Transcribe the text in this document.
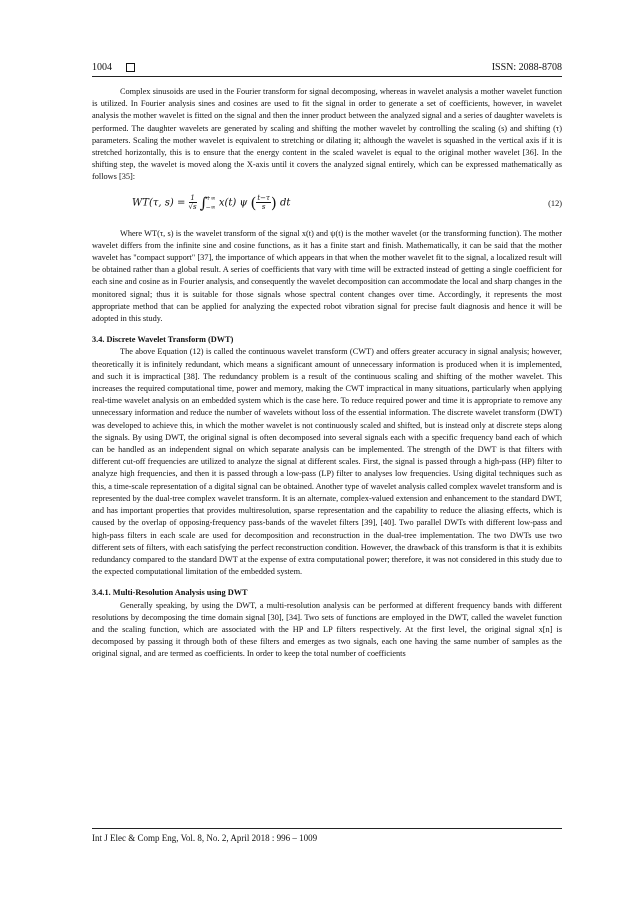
1004	ISSN: 2088-8708

Complex sinusoids are used in the Fourier transform for signal decomposing, whereas in wavelet analysis a mother wavelet function is utilized. In Fourier analysis sines and cosines are used to fit the signal in order to generate a set of coefficients, however, in wavelet analysis the mother wavelet is fitted on the signal and then the inner product between the analyzed signal and a series of daughter wavelets is performed. The daughter wavelets are generated by scaling and shifting the mother wavelet by controlling the scaling (s) and shifting (τ) parameters. Scaling the mother wavelet is equivalent to stretching or dilating it; although the wavelet is squashed in the vertical axis if it is stretched horizontally, this is to ensure that the energy content in the scaled wavelet is equal to the original mother wavelet [36]. In the shifting step, the wavelet is moved along the X-axis until it covers the analyzed signal entirely, which can be expressed mathematically as follows [35]:

WT(τ, $s) = \frac{1}{√s}$ ∫
+∞
−∞ x(t) ψ ( $\frac{t-\tau}{s}$ ) dt	(12)

Where WT(τ, s) is the wavelet transform of the signal x(t) and ψ(t) is the mother wavelet (or the transforming function). The mother wavelet differs from the infinite sine and cosine functions, as it has a finite start and finish. Mathematically, it can be said that the mother wavelet has "compact support" [37], the importance of which appears in that when the mother wavelet fit to the signal, a localized result will be obtained rather than a global result. A series of coefficients that vary with time will be extracted instead of getting a single coefficient for each sine and cosine as in Fourier analysis, and consequently the wavelet decomposition can accommodate the local and sharp changes in the monitored signal; thus it is suitable for those signals whose spectral content changes over time. Accordingly, it represents the most appropriate method that can be applied for analyzing the expected robot vibration signal for precise fault diagnosis and hence it will be adopted in this study.

3.4. Discrete Wavelet Transform (DWT)

The above Equation (12) is called the continuous wavelet transform (CWT) and offers greater accuracy in signal analysis; however, theoretically it is infinitely redundant, which means a significant amount of unnecessary information is produced when it is implemented, and such it is impractical [38]. The redundancy problem is a result of the continuous scaling and shifting of the mother wavelet. This increases the required computational time, power and memory, making the CWT impractical in many situations, particularly when applying real-time wavelet analysis on an embedded system which is the case here. To reduce required power and time it is appropriate to remove any unnecessary information and reduce the number of wavelets without loss of the essential information. The discrete wavelet transform (DWT) was developed to achieve this, in which the mother wavelet is not continuously scaled and shifted, but is instead only at discrete steps along the signals. By using DWT, the original signal is often decomposed into several signals each with a specific frequency band each of which can be handled as an independent signal on which separate analysis can be implemented. The strength of the DWT is that filters with different cut-off frequencies are utilized to analyze the signal at different scales. First, the signal is passed through a high-pass (HP) filter to analyze high frequencies, and then it is passed through a low-pass (LP) filter to analyses low frequencies. Using digital techniques such as this, a time-scale representation of a digital signal can be obtained. Another type of wavelet analysis called complex wavelet transform and is represented by the dual-tree complex wavelet transform. It is an alternate, complex-valued extension and enhancement to the standard DWT, and has important properties that provides multiresolution, sparse representation and the capability to reduce the aliasing effects, which is caused by the overlap of opposing-frequency pass-bands of the wavelet filters [39], [40]. Two parallel DWTs with different low-pass and high-pass filters in each scale are used for decomposition and reconstruction in the dual-tree implementation. The two DWTs use two different sets of filters, with each satisfying the perfect reconstruction condition. However, the drawback of this transform is that it is exhibits redundancy compared to the standard DWT at the expense of extra computational power; therefore, it was not considered in this study due to the expected computational limitation of the embedded system.

3.4.1. Multi-Resolution Analysis using DWT

Generally speaking, by using the DWT, a multi-resolution analysis can be performed at different frequency bands with different resolutions by decomposing the time domain signal [30], [34]. Two sets of functions are employed in the DWT, called the wavelet function and the scaling function, which are associated with the HP and LP filters respectively. At the first level, the original signal x[n] is decomposed by passing it through both of these filters and emerges as two signals, each one having the same number of samples as the original signal, and are termed as coefficients. In order to keep the total number of coefficients

Int J Elec & Comp Eng, Vol. 8, No. 2, April 2018 : 996 – 1009
